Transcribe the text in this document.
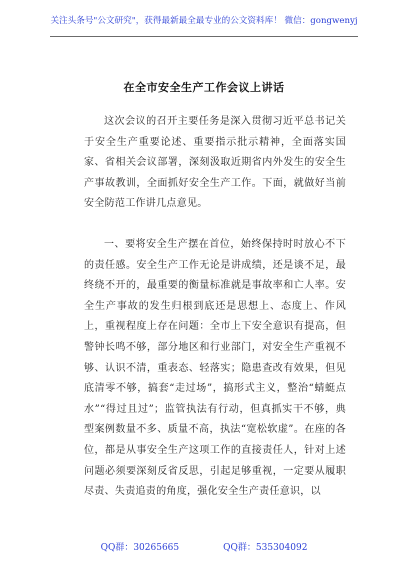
关注头条号"公文研究"，获得最新最全最专业的公文资料库！ 微信：gongwenyj
在全市安全生产工作会议上讲话

这次会议的召开主要任务是深入贯彻习近平总书记关于安全生产重要论述、重要指示批示精神，全面落实国家、省相关会议部署，深刻汲取近期省内外发生的安全生产事故教训，全面抓好安全生产工作。下面，就做好当前安全防范工作讲几点意见。

一、要将安全生产摆在首位，始终保持时时放心不下的责任感。安全生产工作无论是讲成绩，还是谈不足，最终绕不开的，最重要的衡量标准就是事故率和亡人率。安全生产事故的发生归根到底还是思想上、态度上、作风上，重视程度上存在问题：全市上下安全意识有提高，但警钟长鸣不够，部分地区和行业部门，对安全生产重视不够、认识不清，重表态、轻落实；隐患查改有效果，但见底清零不够，搞套“走过场”，搞形式主义，整治“蜻蜓点水”“得过且过”；监管执法有行动，但真抓实干不够，典型案例数量不多、质量不高，执法“宽松软虚”。在座的各位，都是从事安全生产这项工作的直接责任人，针对上述问题必须要深刻反省反思，引起足够重视，一定要从履职尽责、失责追责的角度，强化安全生产责任意识，以

QQ群：30265665	QQ群：535304092
